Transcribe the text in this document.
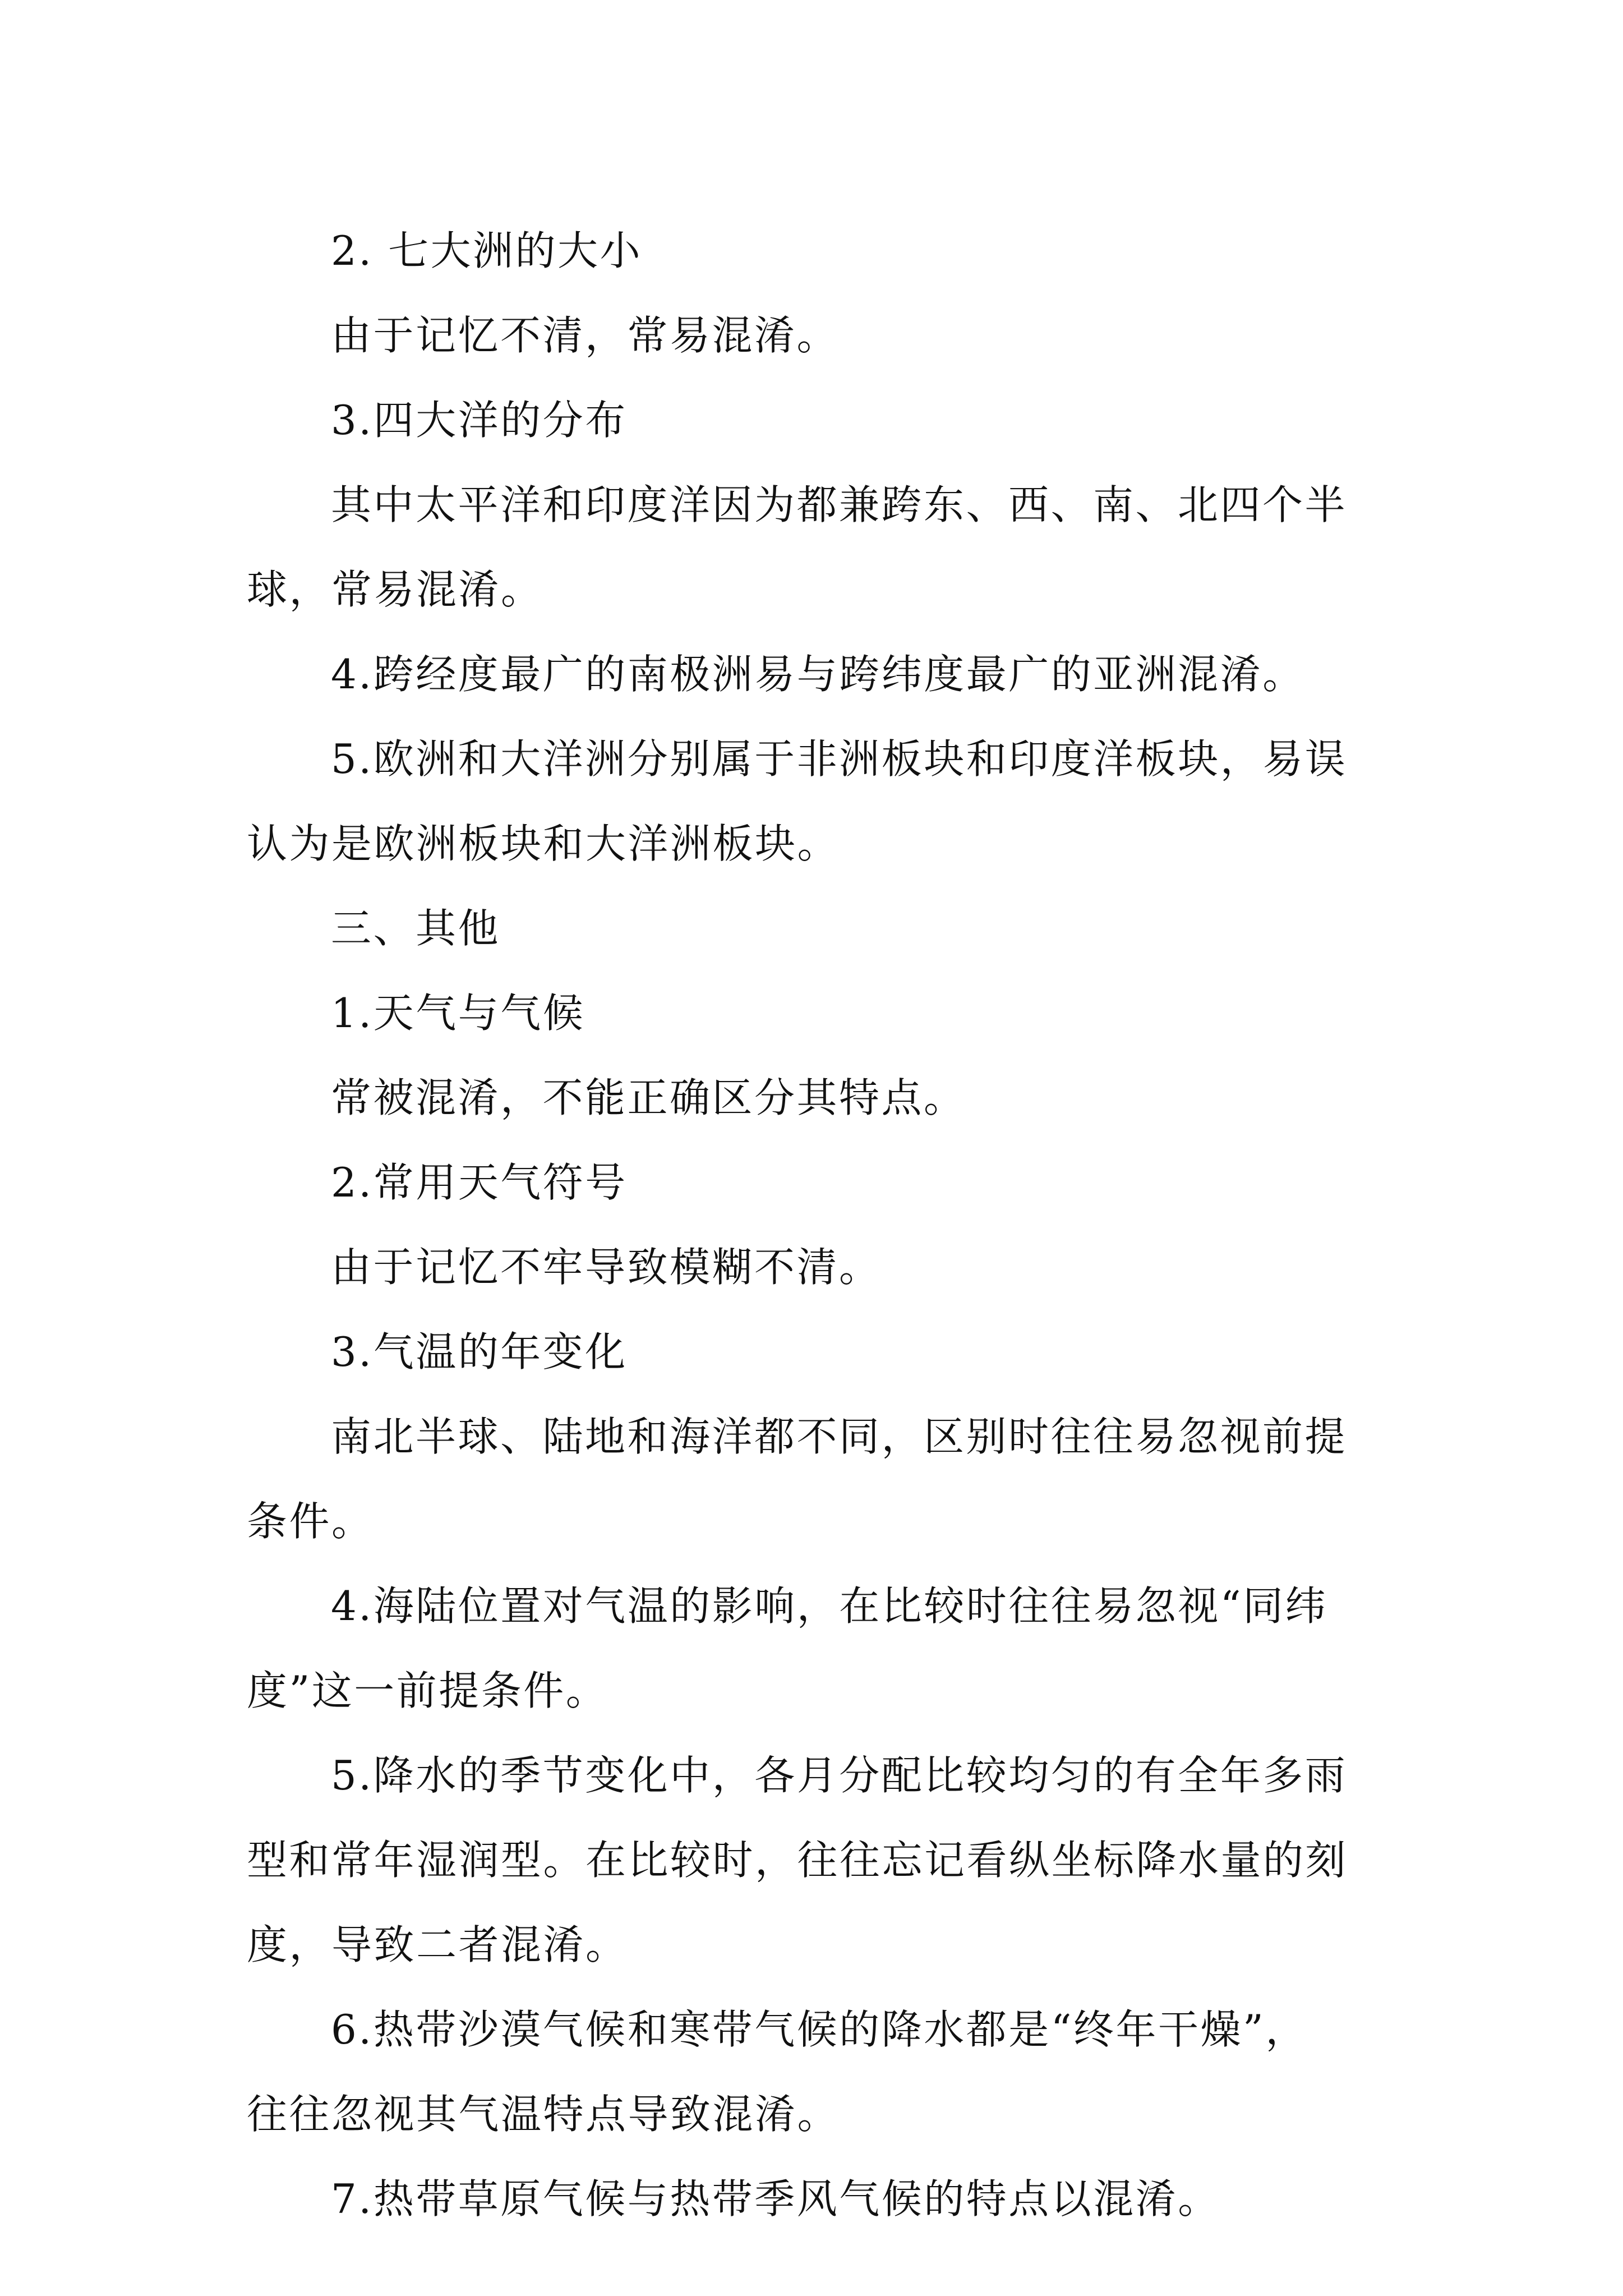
2. 七大洲的大小
由于记忆不清，常易混淆。
3.四大洋的分布
其中太平洋和印度洋因为都兼跨东、西、南、北四个半
球，常易混淆。
4.跨经度最广的南极洲易与跨纬度最广的亚洲混淆。
5.欧洲和大洋洲分别属于非洲板块和印度洋板块，易误
认为是欧洲板块和大洋洲板块。
三、其他
1.天气与气候
常被混淆，不能正确区分其特点。
2.常用天气符号
由于记忆不牢导致模糊不清。
3.气温的年变化
南北半球、陆地和海洋都不同，区别时往往易忽视前提
条件。
4.海陆位置对气温的影响，在比较时往往易忽视“同纬
度”这一前提条件。
5.降水的季节变化中，各月分配比较均匀的有全年多雨
型和常年湿润型。在比较时，往往忘记看纵坐标降水量的刻
度，导致二者混淆。
6.热带沙漠气候和寒带气候的降水都是“终年干燥”，
往往忽视其气温特点导致混淆。
7.热带草原气候与热带季风气候的特点以混淆。
